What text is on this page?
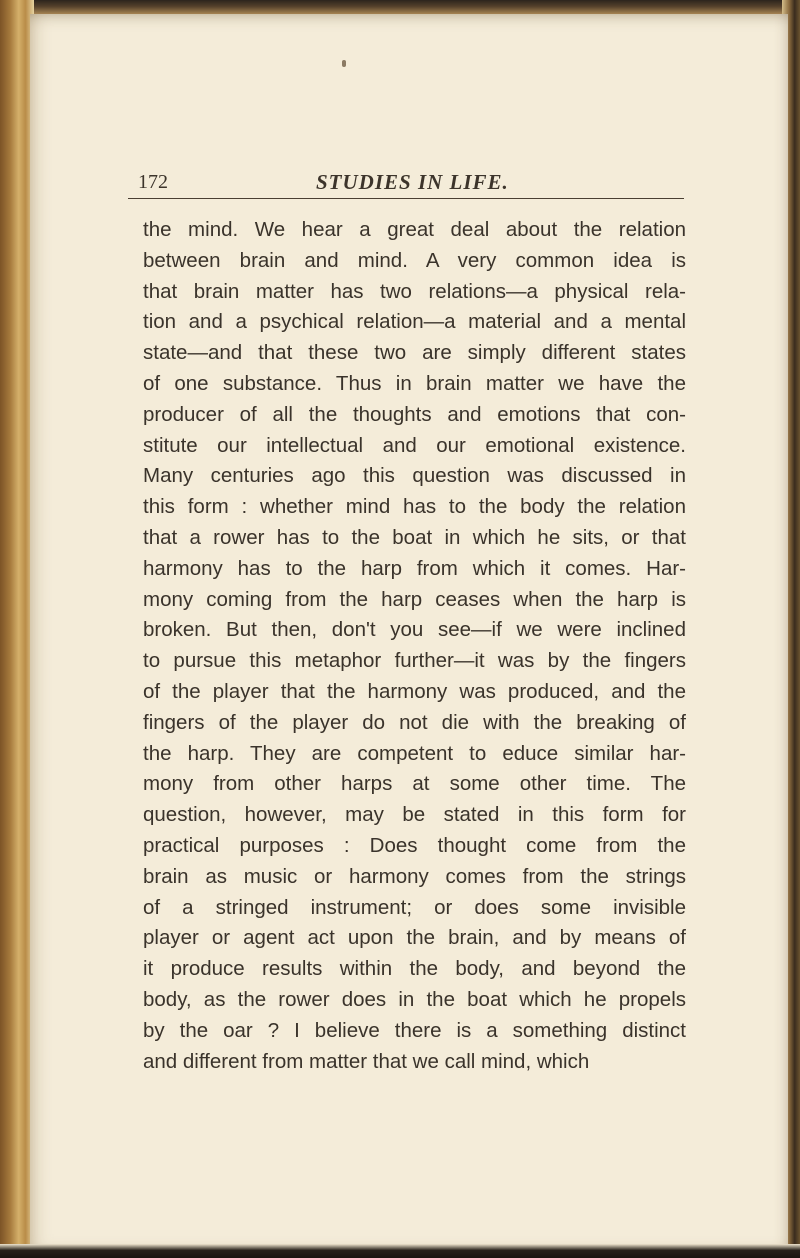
172	STUDIES IN LIFE.
the mind. We hear a great deal about the relation
between brain and mind. A very common idea is
that brain matter has two relations—a physical rela-
tion and a psychical relation—a material and a mental
state—and that these two are simply different states
of one substance. Thus in brain matter we have the
producer of all the thoughts and emotions that con-
stitute our intellectual and our emotional existence.
Many centuries ago this question was discussed in
this form : whether mind has to the body the relation
that a rower has to the boat in which he sits, or that
harmony has to the harp from which it comes. Har-
mony coming from the harp ceases when the harp is
broken. But then, don't you see—if we were inclined
to pursue this metaphor further—it was by the fingers
of the player that the harmony was produced, and the
fingers of the player do not die with the breaking of
the harp. They are competent to educe similar har-
mony from other harps at some other time. The
question, however, may be stated in this form for
practical purposes : Does thought come from the
brain as music or harmony comes from the strings
of a stringed instrument; or does some invisible
player or agent act upon the brain, and by means of
it produce results within the body, and beyond the
body, as the rower does in the boat which he propels
by the oar ? I believe there is a something distinct
and different from matter that we call mind, which
